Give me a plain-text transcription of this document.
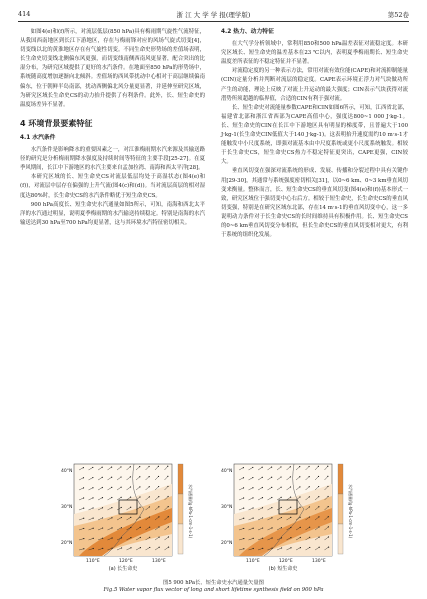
414	浙 江 大 学 学 报(理学版)	第52卷

如图4(e)和(f)所示，对流层低层(850 hPa)具有梅雨期气旋性气流特征，从我国西南地区到长江下游地区，存在与梅雨锋对应的风场气旋式切变[4]，切变线以北的黄淮地区存在有气旋性切变。不同生命史形势场的差值场表明，长生命史切变线北侧偏东风更强，而切变线南侧西南风更显著，配合突出的比湿分布，为研究区域提供了更好的水汽条件。在地面至850 hPa的形势场中，系统随高度增加逐渐向北倾斜。差值场的西风带扰动中心相对于高层继续偏南偏东，位于朝鲜半岛南部，扰动西侧偏北风分量更显著，并延伸至研究区域，为研究区域长生命史CS的动力抬升提供了有利条件。此外，长、短生命史的温度场差异不显著。

4 环境背景要素特征
4.1 水汽条件

水汽条件是影响降水的重要因素之一，对江淮梅雨期水汽来源及其输送路径的研究是分析梅雨期降水强度及持续时间等特征的主要手段[25-27]。在夏季风期间，长江中下游地区的水汽主要来自孟加拉湾、南海和西太平洋[28]。

本研究区域的长、短生命史CS对流层低层均处于高湿状态(图4(e)和(f))，对流层中层存在偏强的上升气流(图4(c)和(d))。当对流层高层的相对湿度达80%时，长生命史CS的水汽条件略优于短生命史CS。

900 hPa高度长、短生命史水汽通量如图5所示，可知，南海和西北太平洋的水汽通过明显，说明夏季梅雨期的水汽输送持续稳定。特别是南海的水汽输送达到30 hPa至700 hPa均更显著，这与其环境水汽特征密切相关。

4.2 热力、动力特征

在大气学分析领域中，常利用850和500 hPa温差表征对流稳定度。本研究区域长、短生命史的温差基本在23 ℃以内，表明夏季梅雨期长、短生命史温度差所表征的不稳定特征并不显著。

对流稳定度的另一种表示方法，常用对流有效位能(CAPE)和对流抑制能量(CIN)定量分析并判断对流层的稳定度。CAPE表示环境正浮力对气块做功所产生的动能，理论上反映了对流上升运动的最大强度；CIN表示气块获得对流潜势所须超越的临界值，合适的CIN有利于强对流。

长、短生命史对流能量参数CAPE和CIN如图6所示，可知，江西省北部，福建省北部和浙江省西部为CAPE高值中心，强度达800~1 000 J·kg-1。长、短生命史的CIN在长江中下游地区具有明显的梯度带，且普遍大于100 J·kg-1(长生命史CIN低值大于140 J·kg-1)。这表明抬升速度需约10 m·s-1才能触发中小尺度系统，即强对流基本由中尺度系统或更小尺度系统触发。相较于长生命史CS，短生命史CS热力不稳定特征更突出，CAPE更强，CIN较大。

垂直风切变在强深对流系统的形成、发展、传播和分裂过程中具有关键作用[29-30]，其通常与系统强度密切相关[31]，以0~6 km、0~3 km垂直风切变来衡量。整体而言，长、短生命史CS的垂直风切变(图4(e)和(f))基本形式一致，研究区域位于强切变中心右后方。相较于短生命史，长生命史CS的垂直风切变强，特别是在研究区域东北部，存在14 m·s-1的垂直风切变中心，这一多说明动力条件对于长生命史CS的长时间维持具有积极作用。长、短生命史CS的0~6 km垂直风切变分布相似，但长生命史CS的垂直风切变相对更大，有利于系统的组织化发展。

40°N
30°N
20°N
110°E	120°E	130°E
水汽通量/(g·hPa-1·cm-1·s-1)
(a) 长生命史
40°N
30°N
20°N
110°E	120°E	130°E
水汽通量/(g·hPa-1·cm-1·s-1)
(b) 短生命史
图5 900 hPa长、短生命史水汽通量矢量图
Fig.5 Water vapor flux vector of long and short lifetime synthesis field on 900 hPa
